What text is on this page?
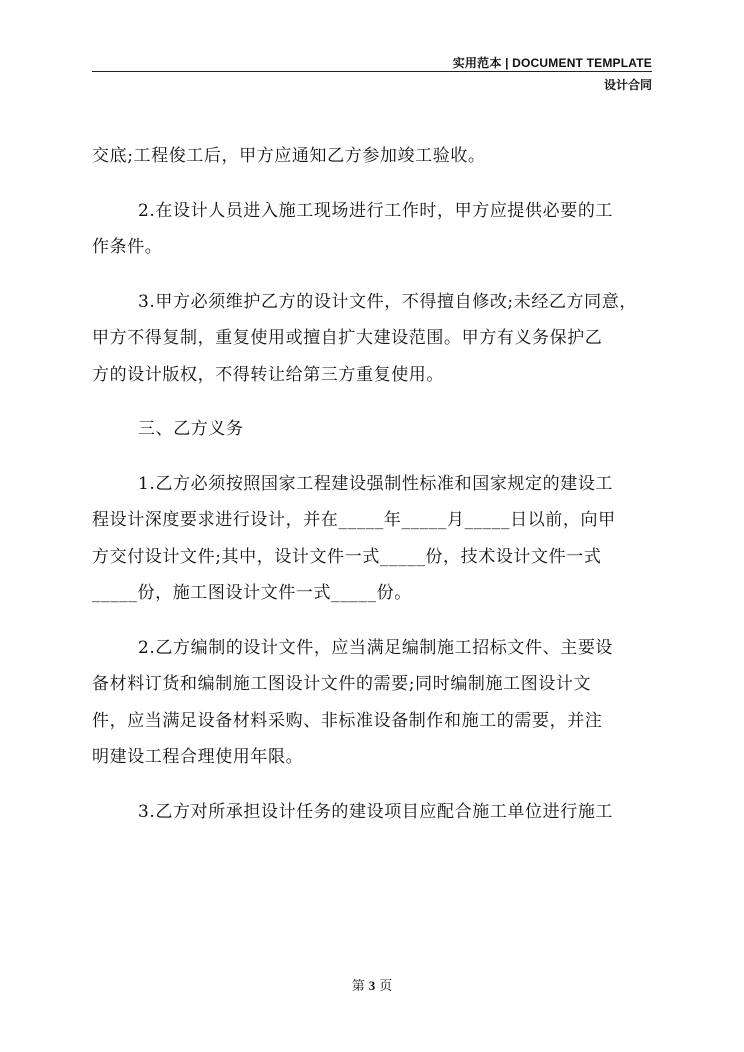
实用范本 | DOCUMENT TEMPLATE
设计合同
交底;工程俊工后，甲方应通知乙方参加竣工验收。
2.在设计人员进入施工现场进行工作时，甲方应提供必要的工
作条件。
3.甲方必须维护乙方的设计文件，不得擅自修改;未经乙方同意，
甲方不得复制，重复使用或擅自扩大建设范围。甲方有义务保护乙
方的设计版权，不得转让给第三方重复使用。
三、乙方义务
1.乙方必须按照国家工程建设强制性标准和国家规定的建设工
程设计深度要求进行设计，并在_____年_____月_____日以前，向甲
方交付设计文件;其中，设计文件一式_____份，技术设计文件一式
_____份，施工图设计文件一式_____份。
2.乙方编制的设计文件，应当满足编制施工招标文件、主要设
备材料订货和编制施工图设计文件的需要;同时编制施工图设计文
件，应当满足设备材料采购、非标准设备制作和施工的需要，并注
明建设工程合理使用年限。
3.乙方对所承担设计任务的建设项目应配合施工单位进行施工
第 3 页
